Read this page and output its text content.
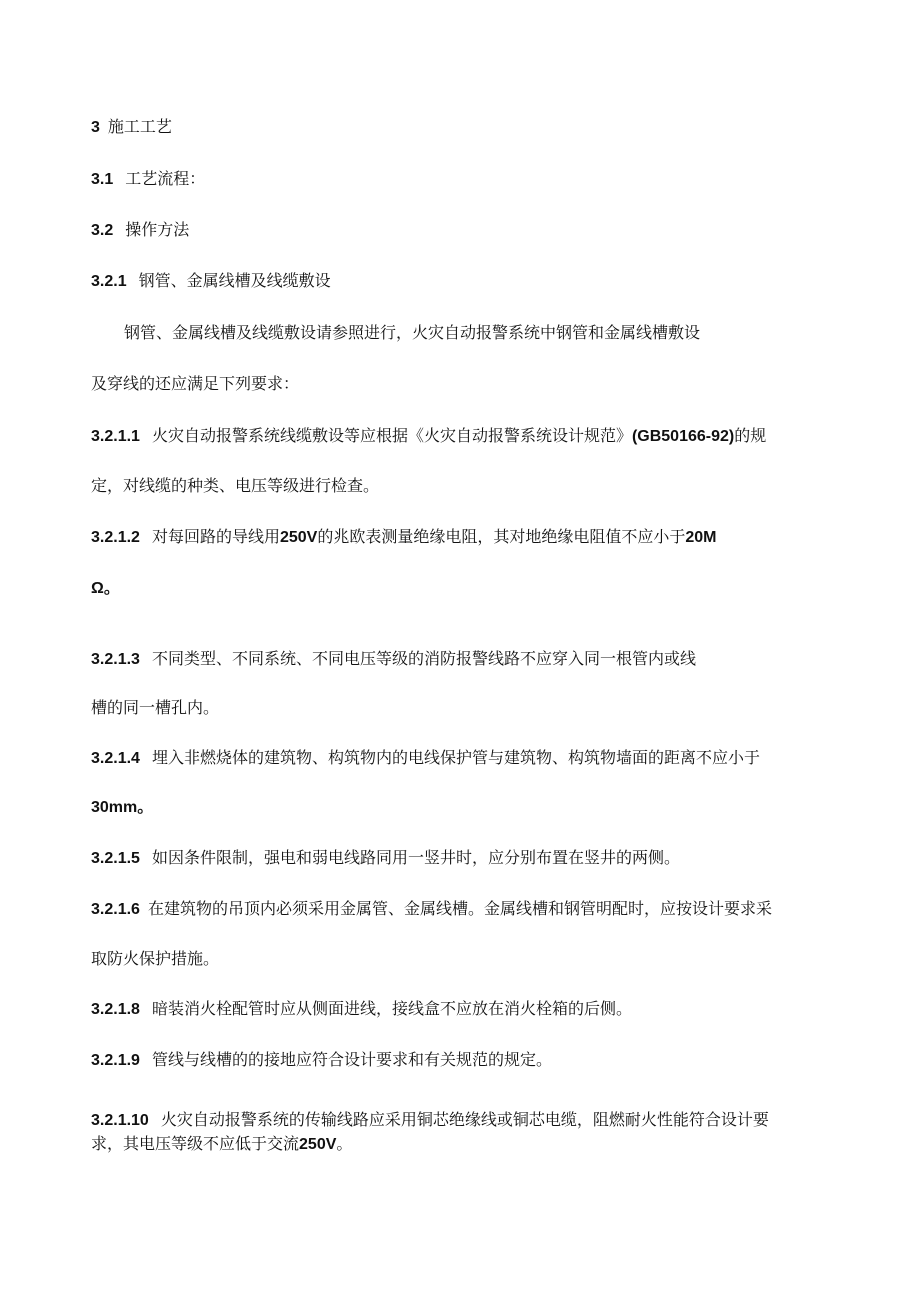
3 施工工艺
3.1 工艺流程：
3.2 操作方法
3.2.1 钢管、金属线槽及线缆敷设
钢管、金属线槽及线缆敷设请参照进行，火灾自动报警系统中钢管和金属线槽敷设
及穿线的还应满足下列要求：
3.2.1.1 火灾自动报警系统线缆敷设等应根据《火灾自动报警系统设计规范》(GB50166-92)的规
定，对线缆的种类、电压等级进行检查。
3.2.1.2 对每回路的导线用250V的兆欧表测量绝缘电阻，其对地绝缘电阻值不应小于20M
Ω。
3.2.1.3 不同类型、不同系统、不同电压等级的消防报警线路不应穿入同一根管内或线
槽的同一槽孔内。
3.2.1.4 埋入非燃烧体的建筑物、构筑物内的电线保护管与建筑物、构筑物墙面的距离不应小于
30mm。
3.2.1.5 如因条件限制，强电和弱电线路同用一竖井时，应分别布置在竖井的两侧。
3.2.1.6 在建筑物的吊顶内必须采用金属管、金属线槽。金属线槽和钢管明配时，应按设计要求采
取防火保护措施。
3.2.1.8 暗装消火栓配管时应从侧面进线，接线盒不应放在消火栓箱的后侧。
3.2.1.9 管线与线槽的的接地应符合设计要求和有关规范的规定。
3.2.1.10 火灾自动报警系统的传输线路应采用铜芯绝缘线或铜芯电缆，阻燃耐火性能符合设计要
求，其电压等级不应低于交流250V。
